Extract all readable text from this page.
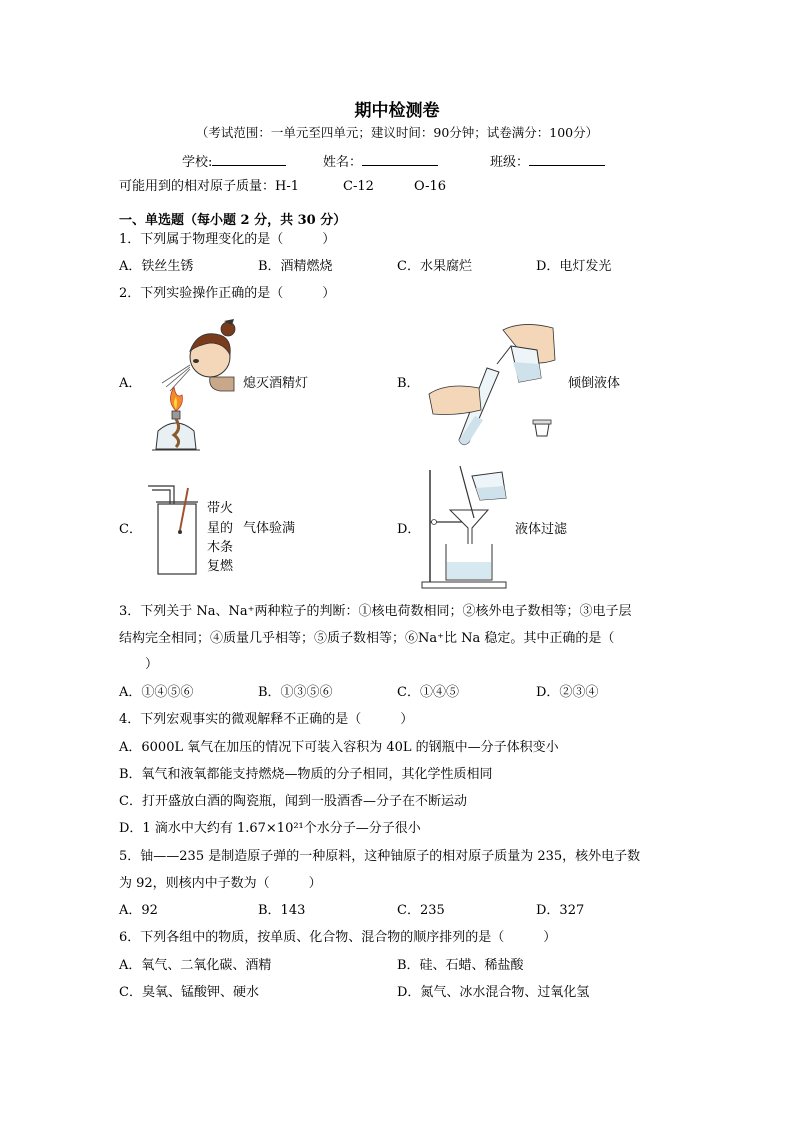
期中检测卷
（考试范围：一单元至四单元；建议时间：90分钟；试卷满分：100分）
学校:	姓名：	班级：
可能用到的相对原子质量：H-1	C-12	O-16
一、单选题（每小题 2 分，共 30 分）
1．下列属于物理变化的是（　　　）
A．铁丝生锈	B．酒精燃烧	C．水果腐烂	D．电灯发光
2．下列实验操作正确的是（　　　）
A．	熄灭酒精灯	B．	倾倒液体
C．
带火
星的 气体验满
木条
复燃
D．	液体过滤
3．下列关于 Na、Na⁺两种粒子的判断：①核电荷数相同；②核外电子数相等；③电子层
结构完全相同；④质量几乎相等；⑤质子数相等；⑥Na⁺比 Na 稳定。其中正确的是（
　）
A．①④⑤⑥	B．①③⑤⑥	C．①④⑤	D．②③④
4．下列宏观事实的微观解释不正确的是（　　　）
A．6000L 氧气在加压的情况下可装入容积为 40L 的钢瓶中—分子体积变小
B．氧气和液氧都能支持燃烧—物质的分子相同，其化学性质相同
C．打开盛放白酒的陶瓷瓶，闻到一股酒香—分子在不断运动
D．1 滴水中大约有 1.67×10²¹个水分子—分子很小
5．铀——235 是制造原子弹的一种原料，这种铀原子的相对原子质量为 235，核外电子数
为 92，则核内中子数为（　　　）
A．92	B．143	C．235	D．327
6．下列各组中的物质，按单质、化合物、混合物的顺序排列的是（　　　）
A．氧气、二氧化碳、酒精	B．硅、石蜡、稀盐酸
C．臭氧、锰酸钾、硬水	D．氮气、冰水混合物、过氧化氢
